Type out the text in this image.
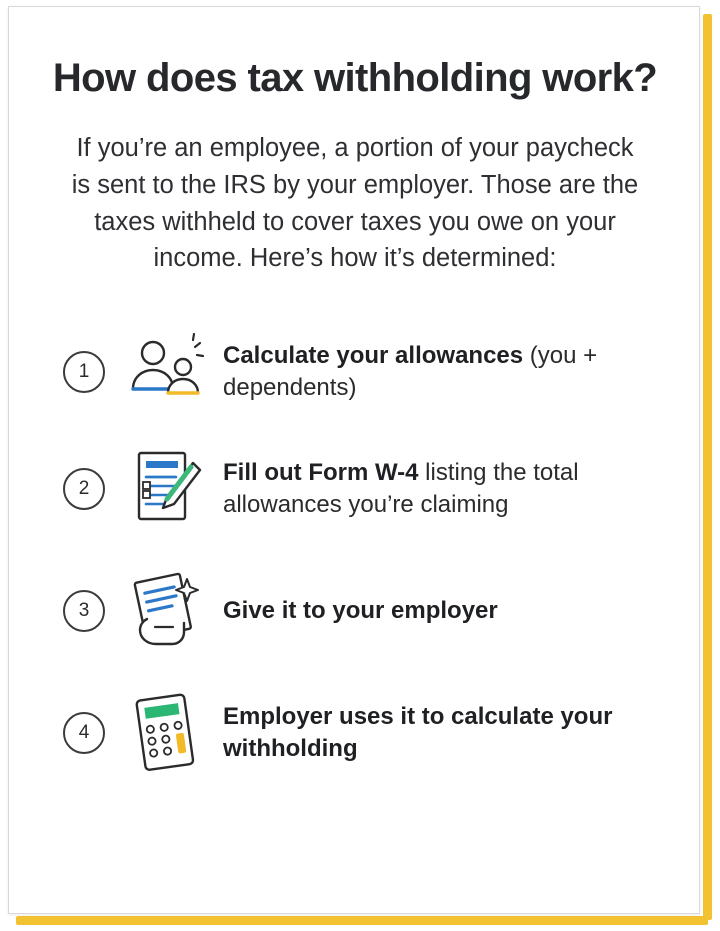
How does tax withholding work?

If you’re an employee, a portion of your paycheck is sent to the IRS by your employer. Those are the taxes withheld to cover taxes you owe on your income. Here’s how it’s determined:

1
Calculate your allowances (you + dependents)
2
Fill out Form W-4 listing the total allowances you’re claiming
3	Give it to your employer
4
Employer uses it to calculate your withholding
